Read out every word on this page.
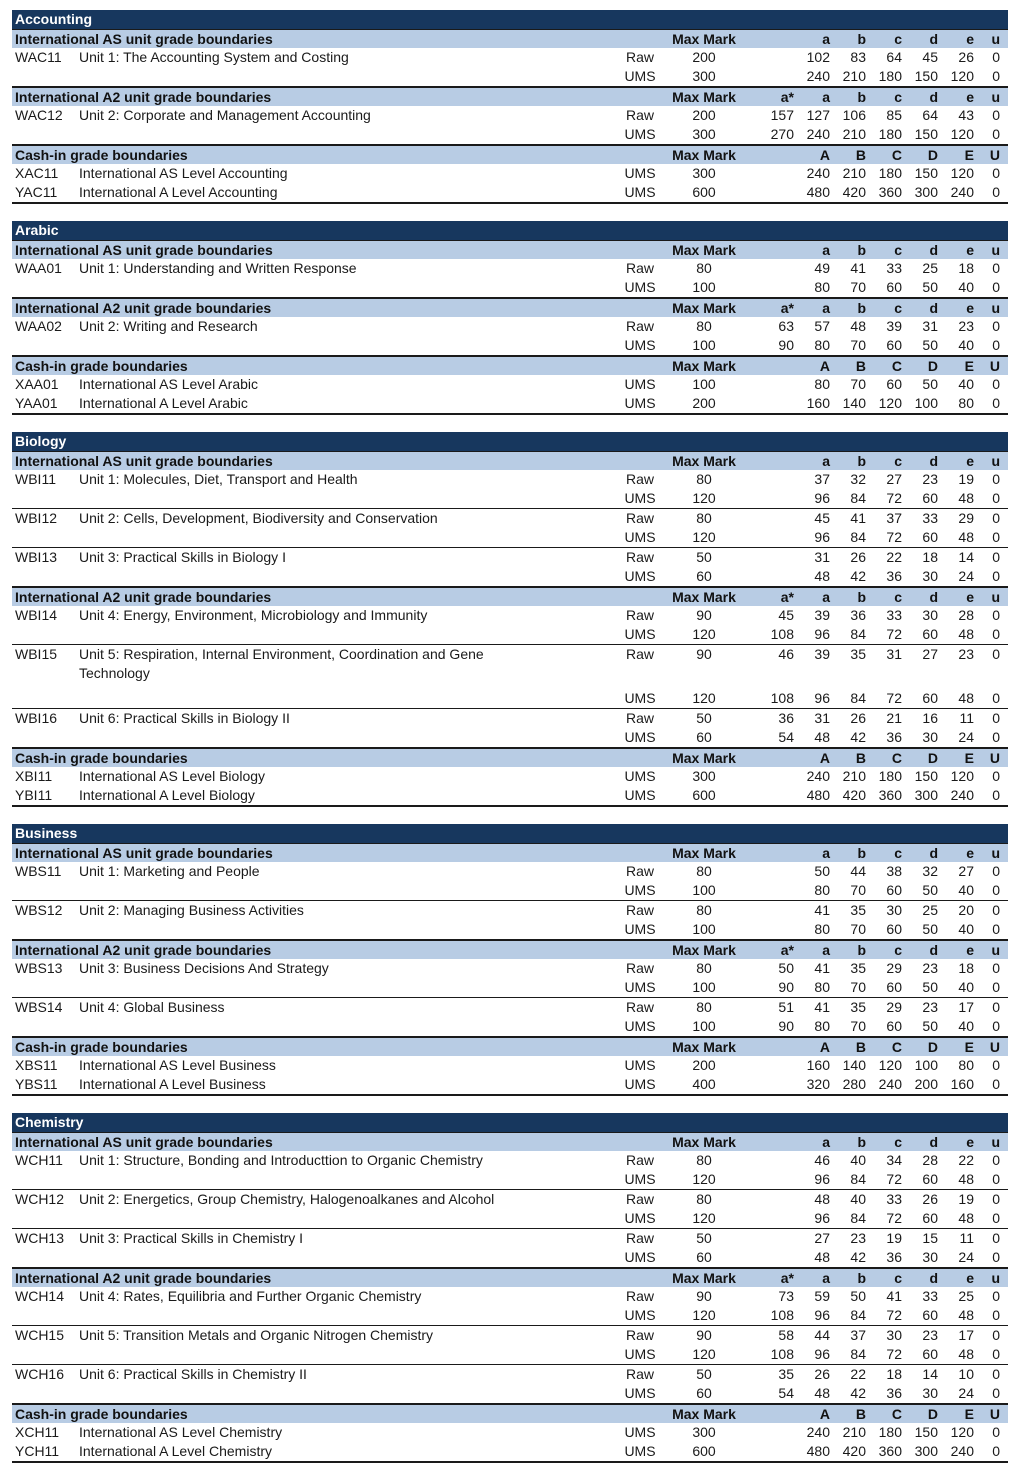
Accounting
International AS unit grade boundaries	Max Mark	a	b	c	d	e	u
WAC11 Unit 1: The Accounting System and Costing	Raw	200	102	83	64	45	26	0
UMS	300	240 210 180 150 120	0
International A2 unit grade boundaries	Max Mark	a*	a	b	c	d	e	u
WAC12 Unit 2: Corporate and Management Accounting	Raw	200	157 127 106	85	64	43	0
UMS	300	270 240 210 180 150 120	0
Cash-in grade boundaries	Max Mark	A	B	C	D	E	U
XAC11 International AS Level Accounting	UMS	300	240 210 180 150 120	0
YAC11 International A Level Accounting	UMS	600	480 420 360 300 240	0
Arabic
International AS unit grade boundaries	Max Mark	a	b	c	d	e	u
WAA01 Unit 1: Understanding and Written Response	Raw	80	49	41	33	25	18	0
UMS	100	80	70	60	50	40	0
International A2 unit grade boundaries	Max Mark	a*	a	b	c	d	e	u
WAA02 Unit 2: Writing and Research	Raw	80	63	57	48	39	31	23	0
UMS	100	90	80	70	60	50	40	0
Cash-in grade boundaries	Max Mark	A	B	C	D	E	U
XAA01 International AS Level Arabic	UMS	100	80	70	60	50	40	0
YAA01 International A Level Arabic	UMS	200	160 140 120 100	80	0
Biology
International AS unit grade boundaries	Max Mark	a	b	c	d	e	u
WBI11 Unit 1: Molecules, Diet, Transport and Health	Raw	80	37	32	27	23	19	0
UMS	120	96	84	72	60	48	0
WBI12 Unit 2: Cells, Development, Biodiversity and Conservation	Raw	80	45	41	37	33	29	0
UMS	120	96	84	72	60	48	0
WBI13 Unit 3: Practical Skills in Biology I	Raw	50	31	26	22	18	14	0
UMS	60	48	42	36	30	24	0
International A2 unit grade boundaries	Max Mark	a*	a	b	c	d	e	u
WBI14 Unit 4: Energy, Environment, Microbiology and Immunity	Raw	90	45	39	36	33	30	28	0
UMS	120	108	96	84	72	60	48	0
WBI15 Unit 5: Respiration, Internal Environment, Coordination and Gene Technology
Raw	90	46	39	35	31	27	23	0
UMS	120	108	96	84	72	60	48	0
WBI16 Unit 6: Practical Skills in Biology II	Raw	50	36	31	26	21	16	11	0
UMS	60	54	48	42	36	30	24	0
Cash-in grade boundaries	Max Mark	A	B	C	D	E	U
XBI11 International AS Level Biology	UMS	300	240 210 180 150 120	0
YBI11 International A Level Biology	UMS	600	480 420 360 300 240	0
Business
International AS unit grade boundaries	Max Mark	a	b	c	d	e	u
WBS11 Unit 1: Marketing and People	Raw	80	50	44	38	32	27	0
UMS	100	80	70	60	50	40	0
WBS12 Unit 2: Managing Business Activities	Raw	80	41	35	30	25	20	0
UMS	100	80	70	60	50	40	0
International A2 unit grade boundaries	Max Mark	a*	a	b	c	d	e	u
WBS13 Unit 3: Business Decisions And Strategy	Raw	80	50	41	35	29	23	18	0
UMS	100	90	80	70	60	50	40	0
WBS14 Unit 4: Global Business	Raw	80	51	41	35	29	23	17	0
UMS	100	90	80	70	60	50	40	0
Cash-in grade boundaries	Max Mark	A	B	C	D	E	U
XBS11 International AS Level Business	UMS	200	160 140 120 100	80	0
YBS11 International A Level Business	UMS	400	320 280 240 200 160	0
Chemistry
International AS unit grade boundaries	Max Mark	a	b	c	d	e	u
WCH11 Unit 1: Structure, Bonding and Introducttion to Organic Chemistry	Raw	80	46	40	34	28	22	0
UMS	120	96	84	72	60	48	0
WCH12 Unit 2: Energetics, Group Chemistry, Halogenoalkanes and Alcohol	Raw	80	48	40	33	26	19	0
UMS	120	96	84	72	60	48	0
WCH13 Unit 3: Practical Skills in Chemistry I	Raw	50	27	23	19	15	11	0
UMS	60	48	42	36	30	24	0
International A2 unit grade boundaries	Max Mark	a*	a	b	c	d	e	u
WCH14 Unit 4: Rates, Equilibria and Further Organic Chemistry	Raw	90	73	59	50	41	33	25	0
UMS	120	108	96	84	72	60	48	0
WCH15 Unit 5: Transition Metals and Organic Nitrogen Chemistry	Raw	90	58	44	37	30	23	17	0
UMS	120	108	96	84	72	60	48	0
WCH16 Unit 6: Practical Skills in Chemistry II	Raw	50	35	26	22	18	14	10	0
UMS	60	54	48	42	36	30	24	0
Cash-in grade boundaries	Max Mark	A	B	C	D	E	U
XCH11 International AS Level Chemistry	UMS	300	240 210 180 150 120	0
YCH11 International A Level Chemistry	UMS	600	480 420 360 300 240	0
